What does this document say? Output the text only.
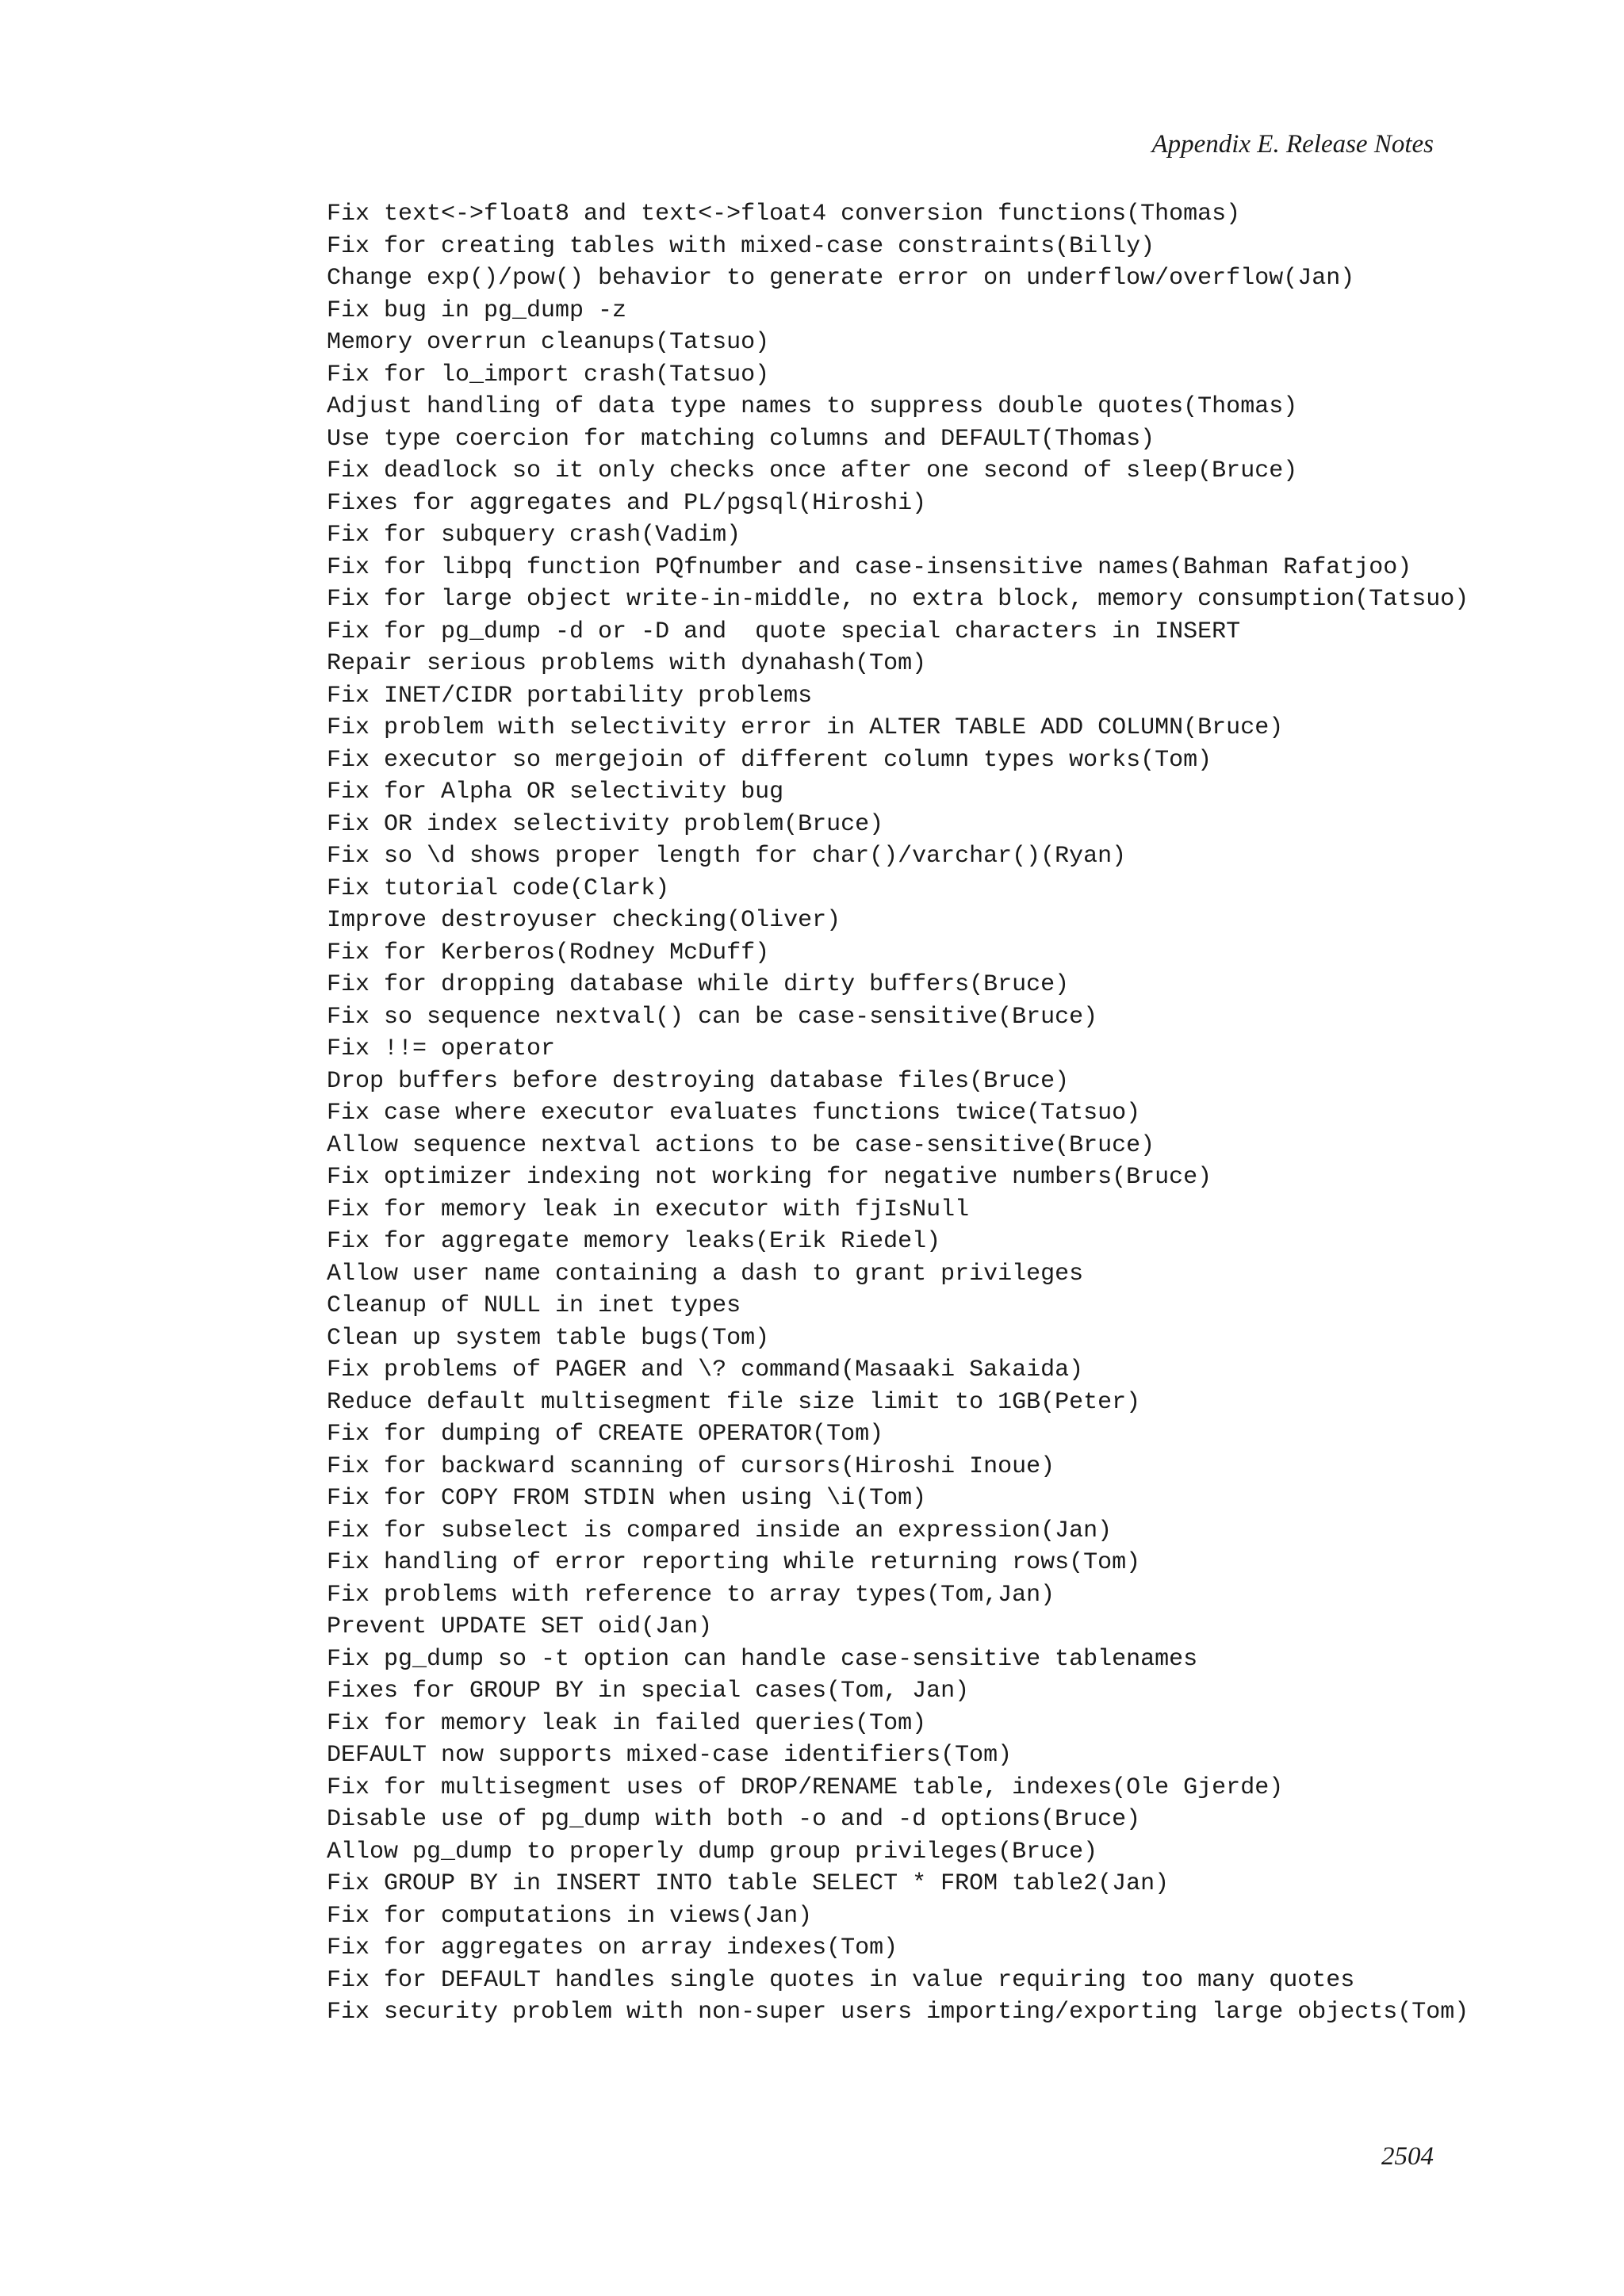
Appendix E. Release Notes
Fix text<->float8 and text<->float4 conversion functions(Thomas)
Fix for creating tables with mixed-case constraints(Billy)
Change exp()/pow() behavior to generate error on underflow/overflow(Jan)
Fix bug in pg_dump -z
Memory overrun cleanups(Tatsuo)
Fix for lo_import crash(Tatsuo)
Adjust handling of data type names to suppress double quotes(Thomas)
Use type coercion for matching columns and DEFAULT(Thomas)
Fix deadlock so it only checks once after one second of sleep(Bruce)
Fixes for aggregates and PL/pgsql(Hiroshi)
Fix for subquery crash(Vadim)
Fix for libpq function PQfnumber and case-insensitive names(Bahman Rafatjoo)
Fix for large object write-in-middle, no extra block, memory consumption(Tatsuo)
Fix for pg_dump -d or -D and  quote special characters in INSERT
Repair serious problems with dynahash(Tom)
Fix INET/CIDR portability problems
Fix problem with selectivity error in ALTER TABLE ADD COLUMN(Bruce)
Fix executor so mergejoin of different column types works(Tom)
Fix for Alpha OR selectivity bug
Fix OR index selectivity problem(Bruce)
Fix so \d shows proper length for char()/varchar()(Ryan)
Fix tutorial code(Clark)
Improve destroyuser checking(Oliver)
Fix for Kerberos(Rodney McDuff)
Fix for dropping database while dirty buffers(Bruce)
Fix so sequence nextval() can be case-sensitive(Bruce)
Fix !!= operator
Drop buffers before destroying database files(Bruce)
Fix case where executor evaluates functions twice(Tatsuo)
Allow sequence nextval actions to be case-sensitive(Bruce)
Fix optimizer indexing not working for negative numbers(Bruce)
Fix for memory leak in executor with fjIsNull
Fix for aggregate memory leaks(Erik Riedel)
Allow user name containing a dash to grant privileges
Cleanup of NULL in inet types
Clean up system table bugs(Tom)
Fix problems of PAGER and \? command(Masaaki Sakaida)
Reduce default multisegment file size limit to 1GB(Peter)
Fix for dumping of CREATE OPERATOR(Tom)
Fix for backward scanning of cursors(Hiroshi Inoue)
Fix for COPY FROM STDIN when using \i(Tom)
Fix for subselect is compared inside an expression(Jan)
Fix handling of error reporting while returning rows(Tom)
Fix problems with reference to array types(Tom,Jan)
Prevent UPDATE SET oid(Jan)
Fix pg_dump so -t option can handle case-sensitive tablenames
Fixes for GROUP BY in special cases(Tom, Jan)
Fix for memory leak in failed queries(Tom)
DEFAULT now supports mixed-case identifiers(Tom)
Fix for multisegment uses of DROP/RENAME table, indexes(Ole Gjerde)
Disable use of pg_dump with both -o and -d options(Bruce)
Allow pg_dump to properly dump group privileges(Bruce)
Fix GROUP BY in INSERT INTO table SELECT * FROM table2(Jan)
Fix for computations in views(Jan)
Fix for aggregates on array indexes(Tom)
Fix for DEFAULT handles single quotes in value requiring too many quotes
Fix security problem with non-super users importing/exporting large objects(Tom)
2504
